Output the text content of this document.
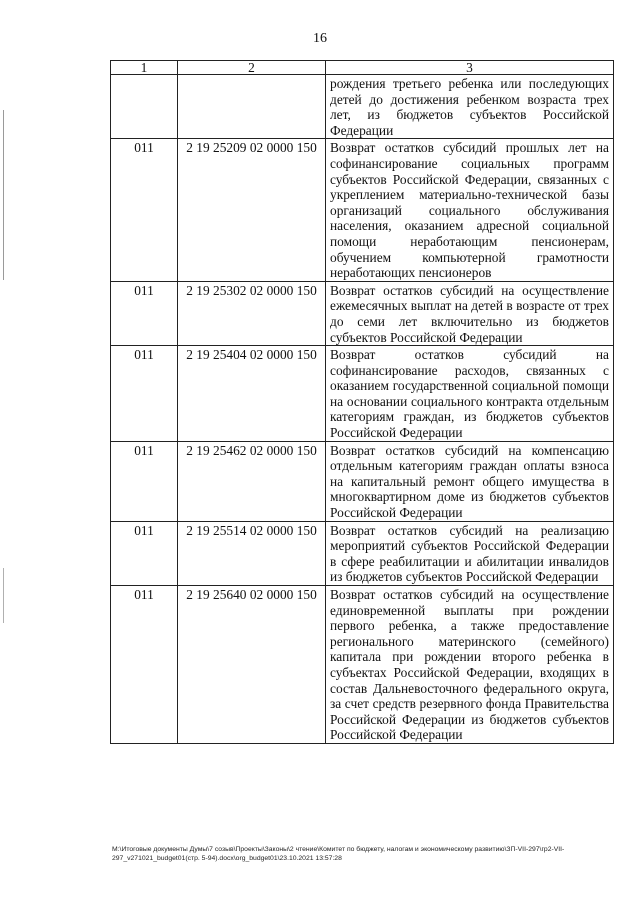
16
1	2	3
		рождения третьего ребенка или последующих детей до достижения ребенком возраста трех лет, из бюджетов субъектов Российской Федерации
011	2 19 25209 02 0000 150	Возврат остатков субсидий прошлых лет на софинансирование социальных программ субъектов Российской Федерации, связанных с укреплением материально-технической базы организаций социального обслуживания населения, оказанием адресной социальной помощи неработающим пенсионерам, обучением компьютерной грамотности неработающих пенсионеров
011	2 19 25302 02 0000 150	Возврат остатков субсидий на осуществление ежемесячных выплат на детей в возрасте от трех до семи лет включительно из бюджетов субъектов Российской Федерации
011	2 19 25404 02 0000 150	Возврат остатков субсидий на софинансирование расходов, связанных с оказанием государственной социальной помощи на основании социального контракта отдельным категориям граждан, из бюджетов субъектов Российской Федерации
011	2 19 25462 02 0000 150	Возврат остатков субсидий на компенсацию отдельным категориям граждан оплаты взноса на капитальный ремонт общего имущества в многоквартирном доме из бюджетов субъектов Российской Федерации
011	2 19 25514 02 0000 150	Возврат остатков субсидий на реализацию мероприятий субъектов Российской Федерации в сфере реабилитации и абилитации инвалидов из бюджетов субъектов Российской Федерации
011	2 19 25640 02 0000 150	Возврат остатков субсидий на осуществление единовременной выплаты при рождении первого ребенка, а также предоставление регионального материнского (семейного) капитала при рождении второго ребенка в субъектах Российской Федерации, входящих в состав Дальневосточного федерального округа, за счет средств резервного фонда Правительства Российской Федерации из бюджетов субъектов Российской Федерации
М:\Итоговые документы Думы\7 созыв\Проекты\Законы\2 чтение\Комитет по бюджету, налогам и экономическому развитию\ЗП-VII-297\гр2-VII-297_v271021_budget01(стр. 5-94).docx\org_budget01\23.10.2021 13:57:28
